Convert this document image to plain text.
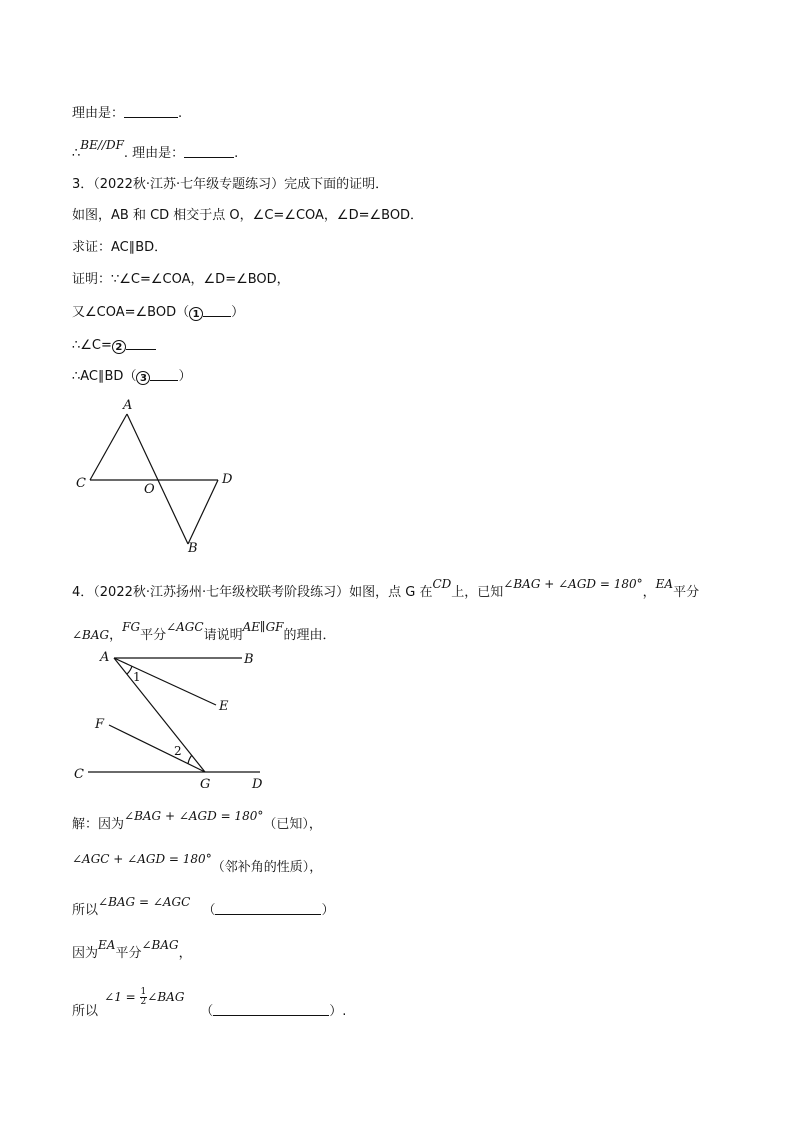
理由是：	.
∴BE//DF. 理由是：	.
3．（2022秋·江苏·七年级专题练习）完成下面的证明．
如图，AB 和 CD 相交于点 O，∠C=∠COA，∠D=∠BOD．
求证：AC∥BD．
证明：∵∠C=∠COA，∠D=∠BOD，
又∠COA=∠BOD（ 1 ）
∴∠C= 2
∴AC∥BD（ 3 ）
A
C	O
D
B
4．（2022秋·江苏扬州·七年级校联考阶段练习）如图，点 G 在CD上，已知∠BAG + ∠AGD = 180°，EA平分
∠BAG，FG平分∠AGC请说明AE∥GF的理由．
A	B
1
E
F
2
C
G	D
解：因为∠BAG + ∠AGD = 180°（已知），
∠AGC + ∠AGD = 180°（邻补角的性质），
所以∠BAG = ∠AGC （	）
因为EA平分∠BAG，
所以 ∠1 = $\frac{1}{2}$ ∠BAG （	）.
